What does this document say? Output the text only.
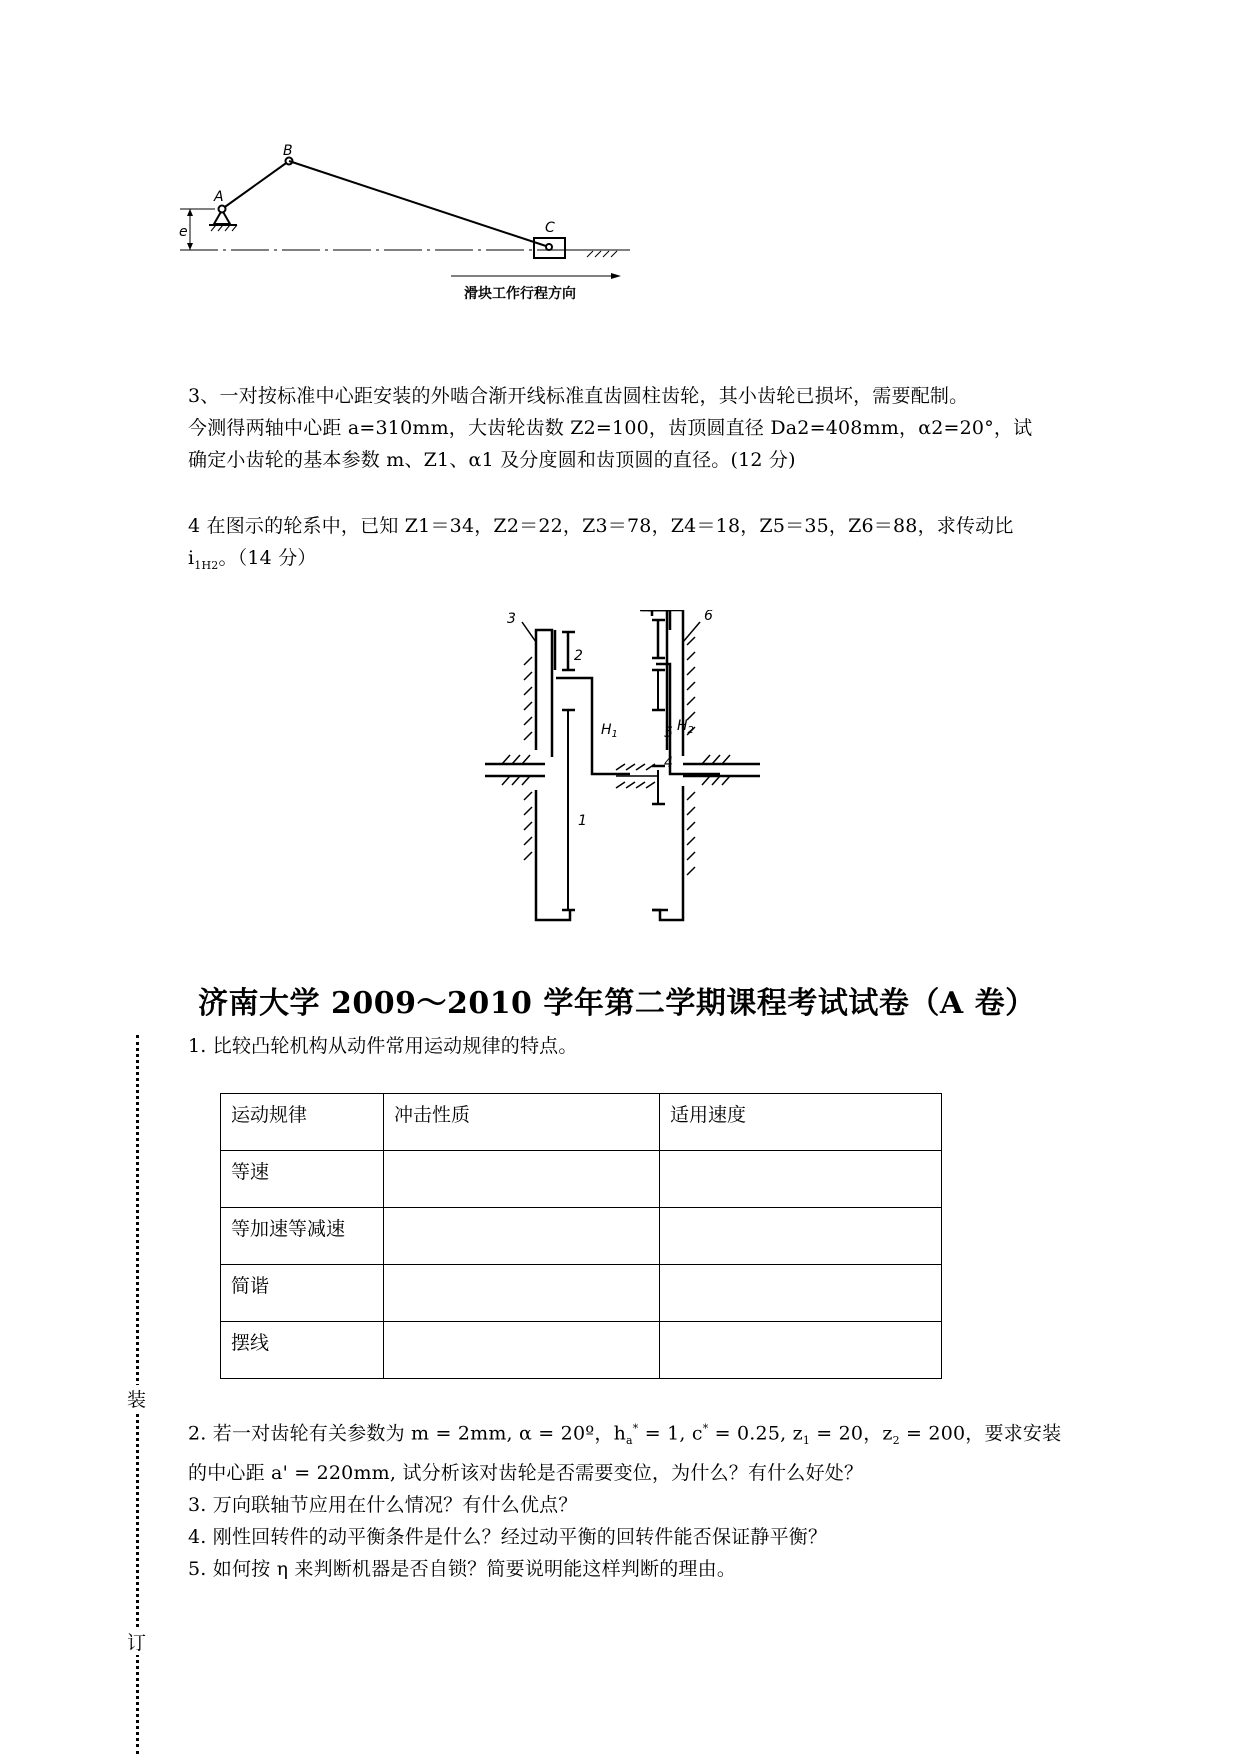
e
A
B
C
滑块工作行程方向
3、一对按标准中心距安装的外啮合渐开线标准直齿圆柱齿轮，其小齿轮已损坏，需要配制。
今测得两轴中心距 a=310mm，大齿轮齿数 Z2=100，齿顶圆直径 Da2=408mm，α2=20°，试
确定小齿轮的基本参数 m、Z1、α1 及分度圆和齿顶圆的直径。(12 分)
4 在图示的轮系中，已知 Z1＝34，Z2＝22，Z3＝78，Z4＝18，Z5＝35，Z6＝88，求传动比
$i_{1H2}$。（14 分）
3
2
1
$H_1$	5
4
$H_2$
6
济南大学 2009～2010 学年第二学期课程考试试卷（A 卷）
装
订
1. 比较凸轮机构从动件常用运动规律的特点。
运动规律	冲击性质	适用速度
等速		
等加速等减速		
简谐		
摆线		
2. 若一对齿轮有关参数为 m = 2mm, α = 20º，$h_a^* = 1$, c* = 0.25, $z_1 = 20$，$z_2 = 200$，要求安装
的中心距 a' = 220mm, 试分析该对齿轮是否需要变位，为什么？有什么好处？
3. 万向联轴节应用在什么情况？有什么优点？
4. 刚性回转件的动平衡条件是什么？经过动平衡的回转件能否保证静平衡？
5. 如何按 η 来判断机器是否自锁？简要说明能这样判断的理由。
